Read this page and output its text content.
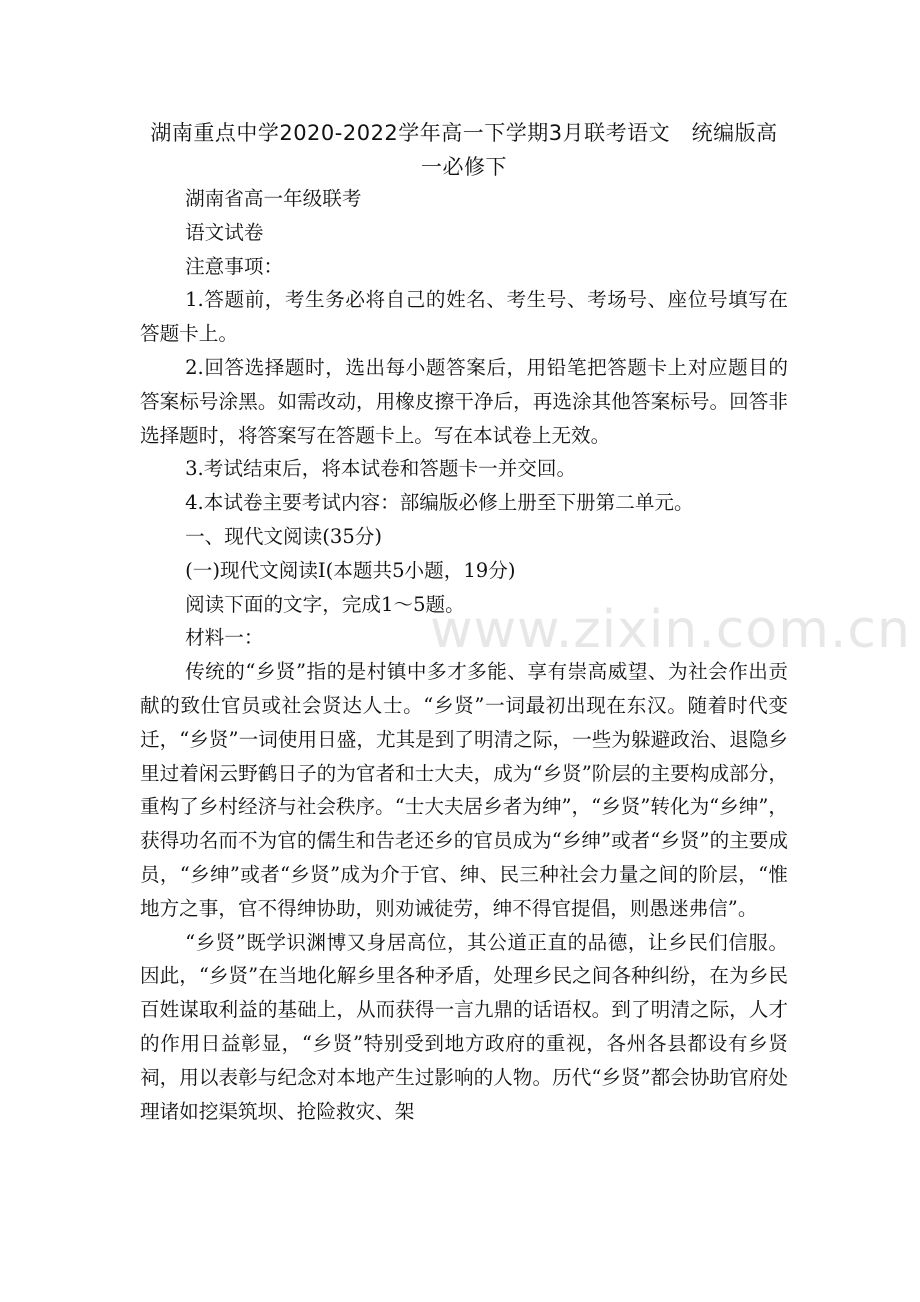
湖南重点中学2020-2022学年高一下学期3月联考语文　统编版高一必修下

湖南省高一年级联考

语文试卷

注意事项：

1.答题前，考生务必将自己的姓名、考生号、考场号、座位号填写在答题卡上。

2.回答选择题时，选出每小题答案后，用铅笔把答题卡上对应题目的答案标号涂黑。如需改动，用橡皮擦干净后，再选涂其他答案标号。回答非选择题时，将答案写在答题卡上。写在本试卷上无效。

3.考试结束后，将本试卷和答题卡一并交回。

4.本试卷主要考试内容：部编版必修上册至下册第二单元。

一、现代文阅读(35分)

(一)现代文阅读Ⅰ(本题共5小题，19分)

阅读下面的文字，完成1～5题。

材料一：

传统的“乡贤”指的是村镇中多才多能、享有崇高威望、为社会作出贡献的致仕官员或社会贤达人士。“乡贤”一词最初出现在东汉。随着时代变迁，“乡贤”一词使用日盛，尤其是到了明清之际，一些为躲避政治、退隐乡里过着闲云野鹤日子的为官者和士大夫，成为“乡贤”阶层的主要构成部分，重构了乡村经济与社会秩序。“士大夫居乡者为绅”，“乡贤”转化为“乡绅”，获得功名而不为官的儒生和告老还乡的官员成为“乡绅”或者“乡贤”的主要成员，“乡绅”或者“乡贤”成为介于官、绅、民三种社会力量之间的阶层，“惟地方之事，官不得绅协助，则劝诫徒劳，绅不得官提倡，则愚迷弗信”。

“乡贤”既学识渊博又身居高位，其公道正直的品德，让乡民们信服。因此，“乡贤”在当地化解乡里各种矛盾，处理乡民之间各种纠纷，在为乡民百姓谋取利益的基础上，从而获得一言九鼎的话语权。到了明清之际，人才的作用日益彰显，“乡贤”特别受到地方政府的重视，各州各县都设有乡贤祠，用以表彰与纪念对本地产生过影响的人物。历代“乡贤”都会协助官府处理诸如挖渠筑坝、抢险救灾、架

www.zixin.com.cn
